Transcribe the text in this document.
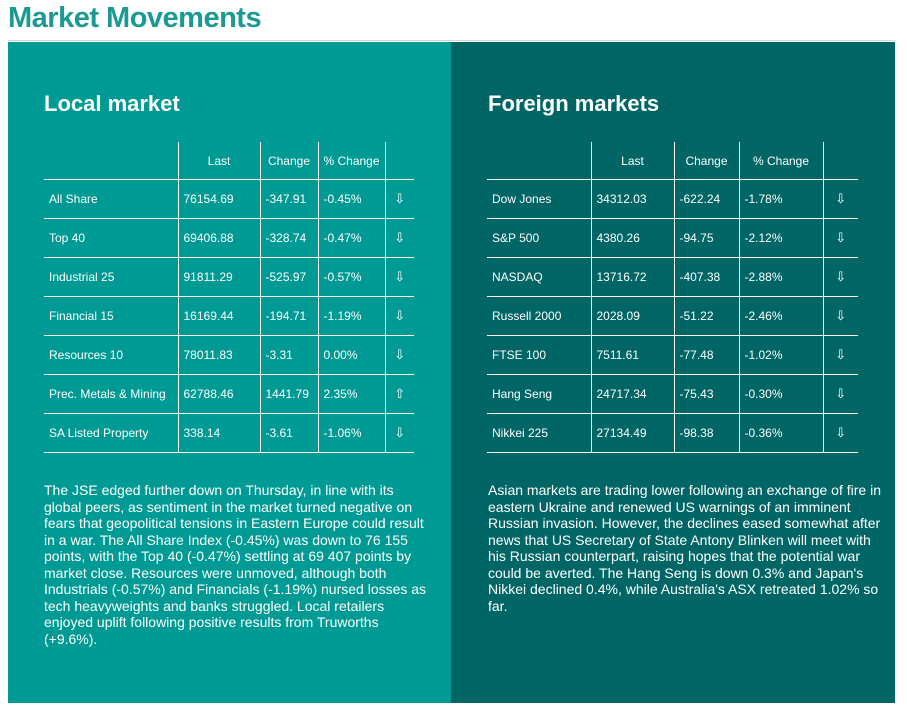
Market Movements
Local market
	Last	Change	% Change	
All Share	76154.69	-347.91	-0.45%	⇩
Top 40	69406.88	-328.74	-0.47%	⇩
Industrial 25	91811.29	-525.97	-0.57%	⇩
Financial 15	16169.44	-194.71	-1.19%	⇩
Resources 10	78011.83	-3.31	0.00%	⇩
Prec. Metals & Mining	62788.46	1441.79	2.35%	⇧
SA Listed Property	338.14	-3.61	-1.06%	⇩

The JSE edged further down on Thursday, in line with its global peers, as sentiment in the market turned negative on fears that geopolitical tensions in Eastern Europe could result in a war. The All Share Index (-0.45%) was down to 76 155 points, with the Top 40 (-0.47%) settling at 69 407 points by market close. Resources were unmoved, although both Industrials (-0.57%) and Financials (-1.19%) nursed losses as tech heavyweights and banks struggled. Local retailers enjoyed uplift following positive results from Truworths (+9.6%).

Foreign markets
	Last	Change	% Change	
Dow Jones	34312.03	-622.24	-1.78%	⇩
S&P 500	4380.26	-94.75	-2.12%	⇩
NASDAQ	13716.72	-407.38	-2.88%	⇩
Russell 2000	2028.09	-51.22	-2.46%	⇩
FTSE 100	7511.61	-77.48	-1.02%	⇩
Hang Seng	24717.34	-75.43	-0.30%	⇩
Nikkei 225	27134.49	-98.38	-0.36%	⇩

Asian markets are trading lower following an exchange of fire in eastern Ukraine and renewed US warnings of an imminent Russian invasion. However, the declines eased somewhat after news that US Secretary of State Antony Blinken will meet with his Russian counterpart, raising hopes that the potential war could be averted. The Hang Seng is down 0.3% and Japan's Nikkei declined 0.4%, while Australia's ASX retreated 1.02% so far.
